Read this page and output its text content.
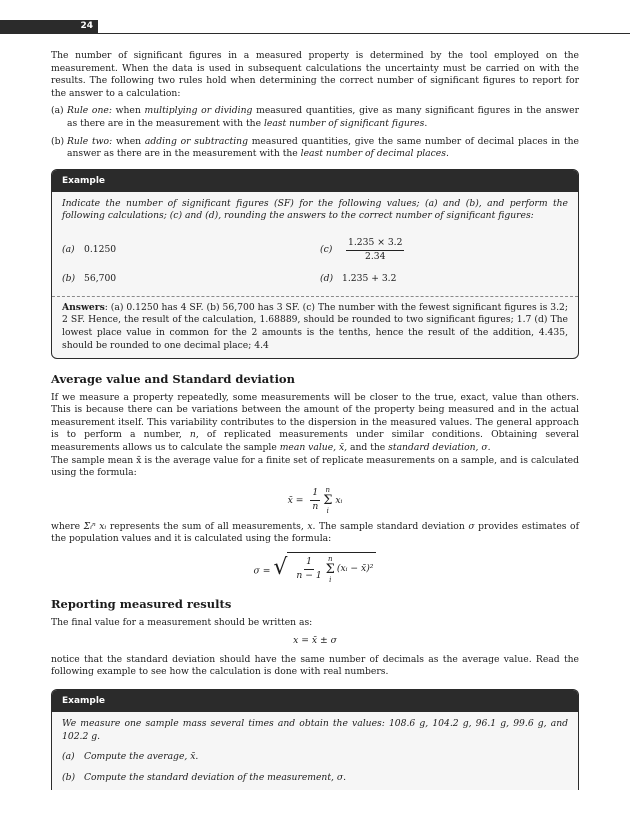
24

The number of significant figures in a measured property is determined by the tool employed on the measurement. When the data is used in subsequent calculations the uncertainty must be carried on with the results. The following two rules hold when determining the correct number of significant figures to report for the answer to a calculation:

(a) Rule one: when multiplying or dividing measured quantities, give as many significant figures in the answer as there are in the measurement with the least number of significant figures.
(b) Rule two: when adding or subtracting measured quantities, give the same number of decimal places in the answer as there are in the measurement with the least number of decimal places.
Example

Indicate the number of significant figures (SF) for the following values; (a) and (b), and perform the following calculations; (c) and (d), rounding the answers to the correct number of significant figures:

(a)	0.1250	(c)	$\frac{1.235 \times 3.2}{2.34}$
(b) 56,700	(d) 1.235 + 3.2

Answers: (a) 0.1250 has 4 SF. (b) 56,700 has 3 SF. (c) The number with the fewest significant figures is 3.2; 2 SF. Hence, the result of the calculation, 1.68889, should be rounded to two significant figures; 1.7 (d) The lowest place value in common for the 2 amounts is the tenths, hence the result of the addition, 4.435, should be rounded to one decimal place; 4.4

Average value and Standard deviation

If we measure a property repeatedly, some measurements will be closer to the true, exact, value than others. This is because there can be variations between the amount of the property being measured and in the actual measurement itself. This variability contributes to the dispersion in the measured values. The general approach is to perform a number, n, of replicated measurements under similar conditions. Obtaining several measurements allows us to calculate the sample mean value, x̄, and the standard deviation, σ.

The sample mean x̄ is the average value for a finite set of replicate measurements on a sample, and is calculated using the formula:

x̄ = $\frac{1}{n}$
n
Σ
i
xᵢ

where Σᵢⁿ xᵢ represents the sum of all measurements, x. The sample standard deviation σ provides estimates of the population values and it is calculated using the formula:

σ = √ $\frac{1}{n - 1}$ n
Σ
i
(xᵢ − x̄)²
Reporting measured results

The final value for a measurement should be written as:

x = x̄ ± σ

notice that the standard deviation should have the same number of decimals as the average value. Read the following example to see how the calculation is done with real numbers.

Example

We measure one sample mass several times and obtain the values: 108.6 g, 104.2 g, 96.1 g, 99.6 g, and 102.2 g.

(a)	Compute the average, x̄.
(b) Compute the standard deviation of the measurement, σ.
